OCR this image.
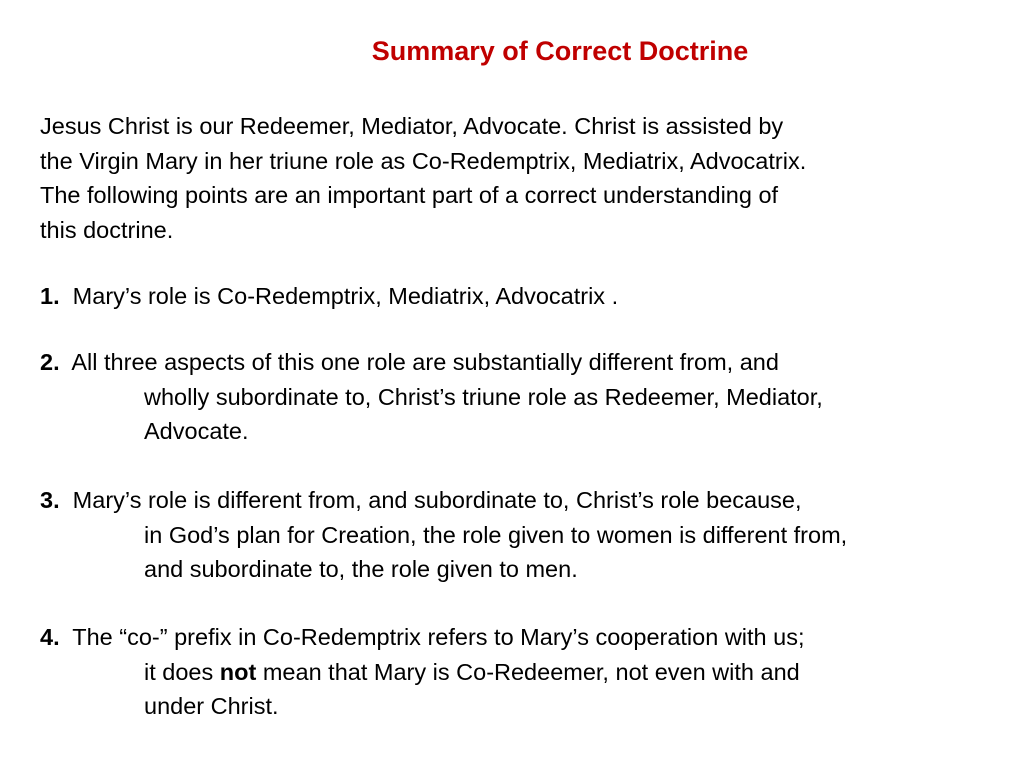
Summary of Correct Doctrine
Jesus Christ is our Redeemer, Mediator, Advocate. Christ is assisted by
the Virgin Mary in her triune role as Co-Redemptrix, Mediatrix, Advocatrix.
The following points are an important part of a correct understanding of
this doctrine.
1. Mary’s role is Co-Redemptrix, Mediatrix, Advocatrix .
2. All three aspects of this one role are substantially different from, and
wholly subordinate to, Christ’s triune role as Redeemer, Mediator,
Advocate.
3. Mary’s role is different from, and subordinate to, Christ’s role because,
in God’s plan for Creation, the role given to women is different from,
and subordinate to, the role given to men.
4. The “co-” prefix in Co-Redemptrix refers to Mary’s cooperation with us;
it does not mean that Mary is Co-Redeemer, not even with and
under Christ.
